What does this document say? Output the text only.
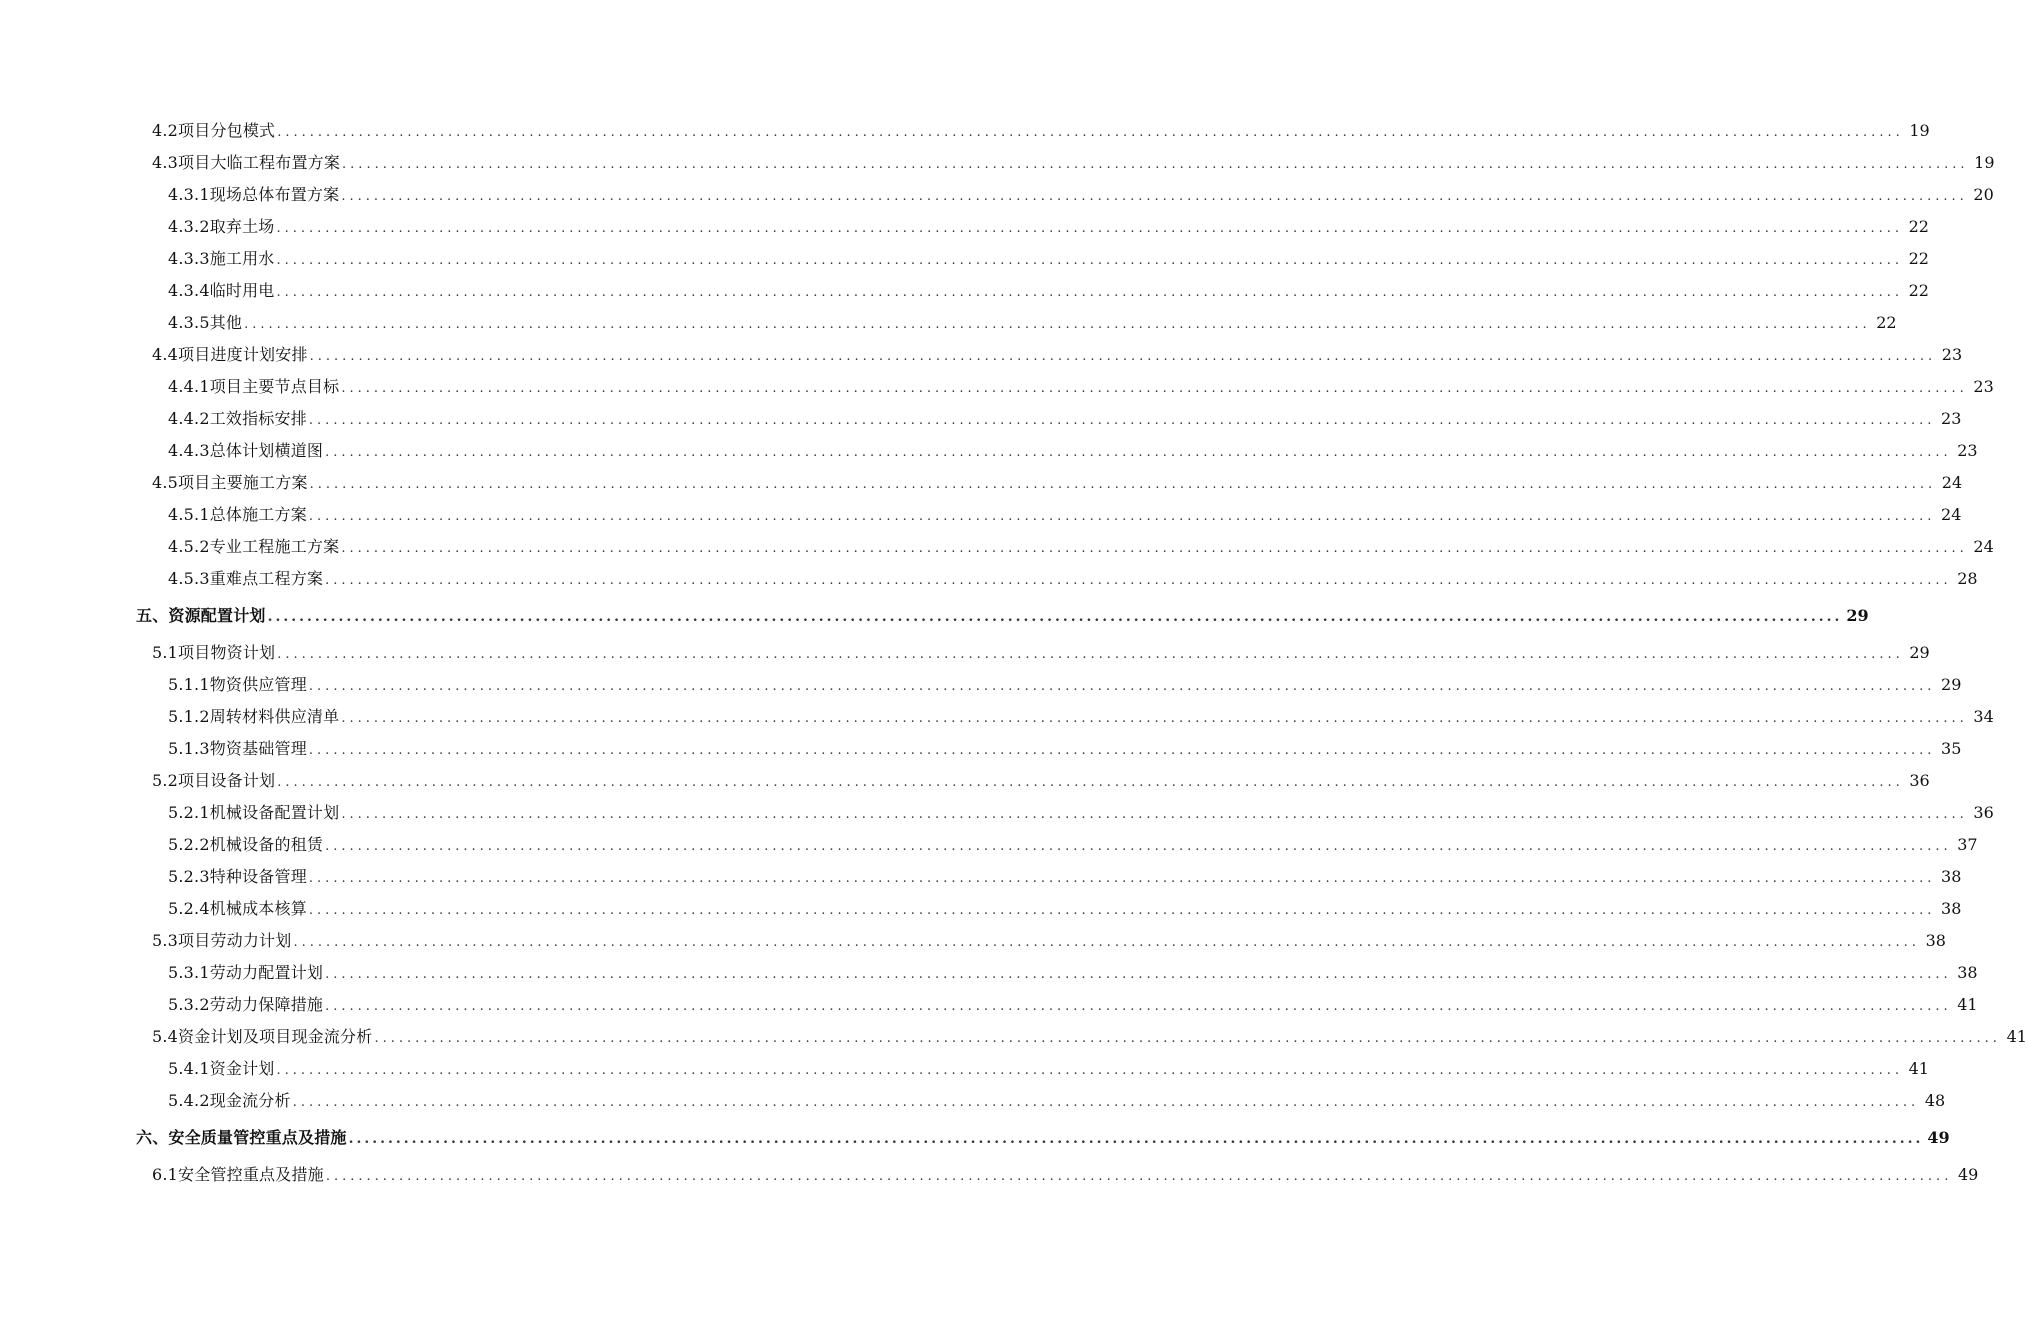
4.2项目分包模式 ........................................................................................................................................................................................................ 19
4.3项目大临工程布置方案 ........................................................................................................................................................................................................ 19
4.3.1现场总体布置方案 ........................................................................................................................................................................................................ 20
4.3.2取弃土场 ........................................................................................................................................................................................................ 22
4.3.3施工用水 ........................................................................................................................................................................................................ 22
4.3.4临时用电 ........................................................................................................................................................................................................ 22
4.3.5其他 ........................................................................................................................................................................................................ 22
4.4项目进度计划安排 ........................................................................................................................................................................................................ 23
4.4.1项目主要节点目标 ........................................................................................................................................................................................................ 23
4.4.2工效指标安排 ........................................................................................................................................................................................................ 23
4.4.3总体计划横道图 ........................................................................................................................................................................................................ 23
4.5项目主要施工方案 ........................................................................................................................................................................................................ 24
4.5.1总体施工方案 ........................................................................................................................................................................................................ 24
4.5.2专业工程施工方案 ........................................................................................................................................................................................................ 24
4.5.3重难点工程方案 ........................................................................................................................................................................................................ 28
五、资源配置计划 ........................................................................................................................................................................................................ 29
5.1项目物资计划 ........................................................................................................................................................................................................ 29
5.1.1物资供应管理 ........................................................................................................................................................................................................ 29
5.1.2周转材料供应清单 ........................................................................................................................................................................................................ 34
5.1.3物资基础管理 ........................................................................................................................................................................................................ 35
5.2项目设备计划 ........................................................................................................................................................................................................ 36
5.2.1机械设备配置计划 ........................................................................................................................................................................................................ 36
5.2.2机械设备的租赁 ........................................................................................................................................................................................................ 37
5.2.3特种设备管理 ........................................................................................................................................................................................................ 38
5.2.4机械成本核算 ........................................................................................................................................................................................................ 38
5.3项目劳动力计划 ........................................................................................................................................................................................................ 38
5.3.1劳动力配置计划 ........................................................................................................................................................................................................ 38
5.3.2劳动力保障措施 ........................................................................................................................................................................................................ 41
5.4资金计划及项目现金流分析 ........................................................................................................................................................................................................ 41
5.4.1资金计划 ........................................................................................................................................................................................................ 41
5.4.2现金流分析 ........................................................................................................................................................................................................ 48
六、安全质量管控重点及措施 ........................................................................................................................................................................................................ 49
6.1安全管控重点及措施 ........................................................................................................................................................................................................ 49
